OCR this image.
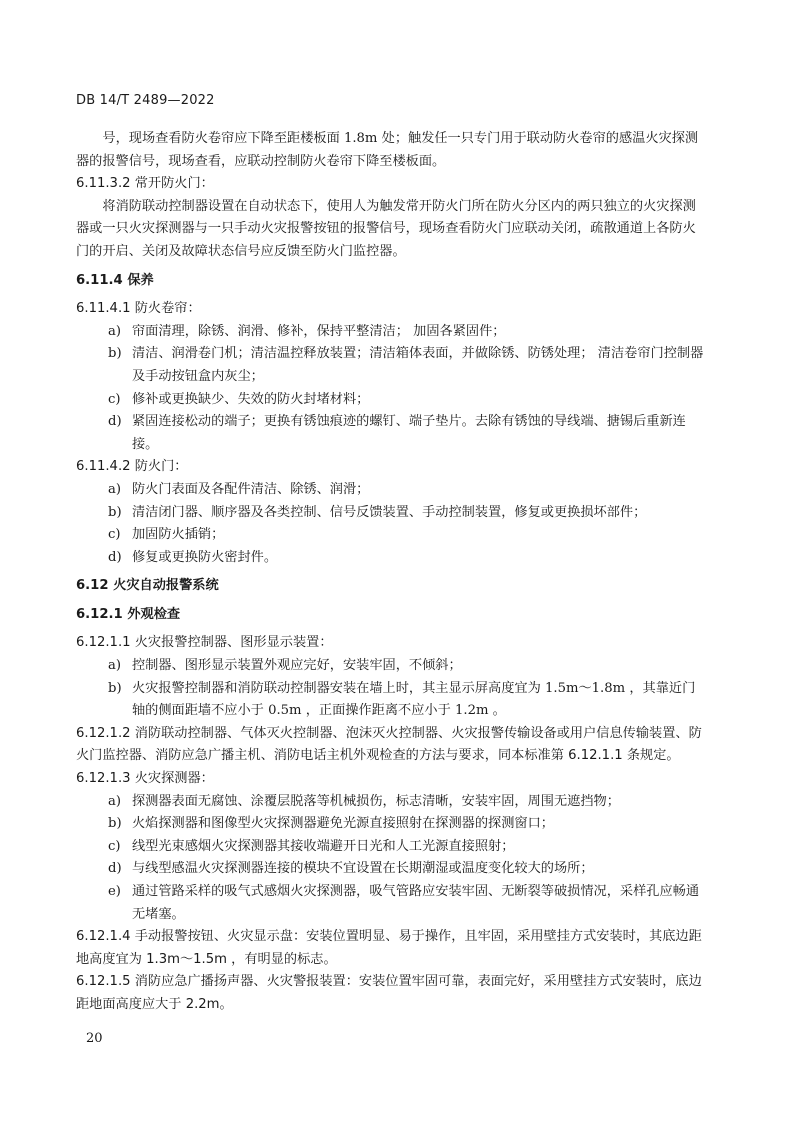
DB 14/T 2489—2022

号，现场查看防火卷帘应下降至距楼板面 1.8m 处；触发任一只专门用于联动防火卷帘的感温火灾探测器的报警信号，现场查看，应联动控制防火卷帘下降至楼板面。

6.11.3.2 常开防火门：

将消防联动控制器设置在自动状态下，使用人为触发常开防火门所在防火分区内的两只独立的火灾探测器或一只火灾探测器与一只手动火灾报警按钮的报警信号，现场查看防火门应联动关闭，疏散通道上各防火门的开启、关闭及故障状态信号应反馈至防火门监控器。

6.11.4 保养

6.11.4.1 防火卷帘：

a) 帘面清理，除锈、润滑、修补，保持平整清洁； 加固各紧固件；

b) 清洁、润滑卷门机；清洁温控释放装置；清洁箱体表面，并做除锈、防锈处理； 清洁卷帘门控制器及手动按钮盒内灰尘；

c) 修补或更换缺少、失效的防火封堵材料；

d) 紧固连接松动的端子；更换有锈蚀痕迹的螺钉、端子垫片。去除有锈蚀的导线端、搪锡后重新连接。

6.11.4.2 防火门：

a) 防火门表面及各配件清洁、除锈、润滑；

b) 清洁闭门器、顺序器及各类控制、信号反馈装置、手动控制装置，修复或更换损坏部件；

c) 加固防火插销；

d) 修复或更换防火密封件。

6.12 火灾自动报警系统

6.12.1 外观检查

6.12.1.1 火灾报警控制器、图形显示装置：

a) 控制器、图形显示装置外观应完好，安装牢固，不倾斜；

b) 火灾报警控制器和消防联动控制器安装在墙上时，其主显示屏高度宜为 1.5m～1.8m ，其靠近门轴的侧面距墙不应小于 0.5m ，正面操作距离不应小于 1.2m 。

6.12.1.2 消防联动控制器、气体灭火控制器、泡沫灭火控制器、火灾报警传输设备或用户信息传输装置、防火门监控器、消防应急广播主机、消防电话主机外观检查的方法与要求，同本标准第 6.12.1.1 条规定。

6.12.1.3 火灾探测器：

a) 探测器表面无腐蚀、涂覆层脱落等机械损伤，标志清晰，安装牢固，周围无遮挡物；

b) 火焰探测器和图像型火灾探测器避免光源直接照射在探测器的探测窗口；

c) 线型光束感烟火灾探测器其接收端避开日光和人工光源直接照射；

d) 与线型感温火灾探测器连接的模块不宜设置在长期潮湿或温度变化较大的场所；

e) 通过管路采样的吸气式感烟火灾探测器，吸气管路应安装牢固、无断裂等破损情况，采样孔应畅通无堵塞。

6.12.1.4 手动报警按钮、火灾显示盘：安装位置明显、易于操作，且牢固，采用壁挂方式安装时，其底边距地高度宜为 1.3m～1.5m ，有明显的标志。

6.12.1.5 消防应急广播扬声器、火灾警报装置：安装位置牢固可靠，表面完好，采用壁挂方式安装时，底边距地面高度应大于 2.2m。

20
